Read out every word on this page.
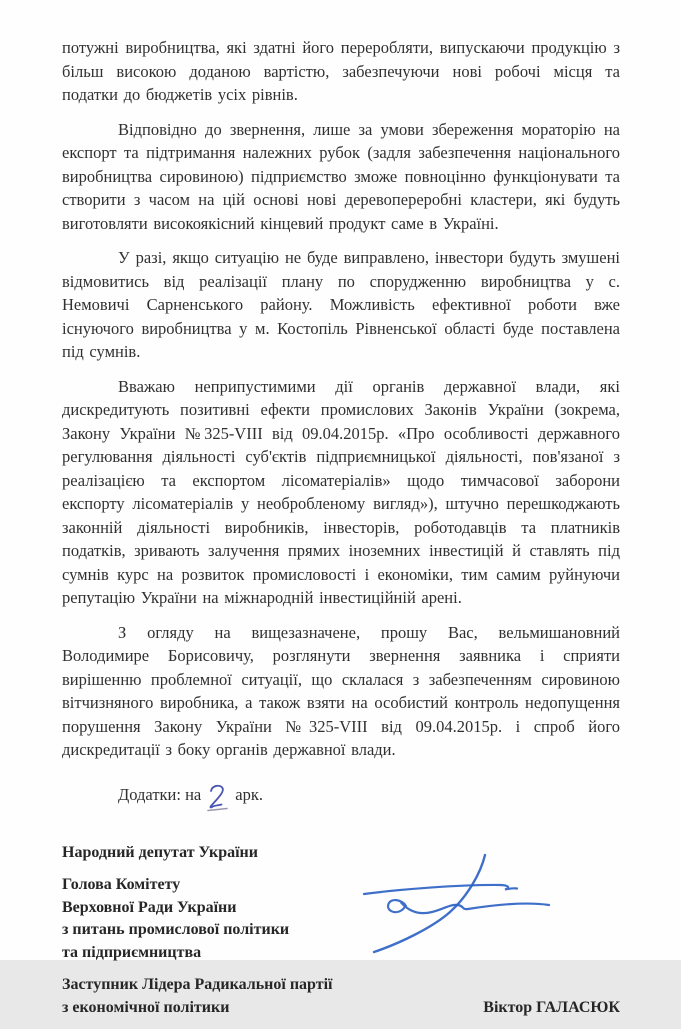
потужні виробництва, які здатні його переробляти, випускаючи продукцію з більш високою доданою вартістю, забезпечуючи нові робочі місця та податки до бюджетів усіх рівнів.

Відповідно до звернення, лише за умови збереження мораторію на експорт та підтримання належних рубок (задля забезпечення національного виробництва сировиною) підприємство зможе повноцінно функціонувати та створити з часом на цій основі нові деревопереробні кластери, які будуть виготовляти високоякісний кінцевий продукт саме в Україні.

У разі, якщо ситуацію не буде виправлено, інвестори будуть змушені відмовитись від реалізації плану по спорудженню виробництва у с. Немовичі Сарненського району. Можливість ефективної роботи вже існуючого виробництва у м. Костопіль Рівненської області буде поставлена під сумнів.

Вважаю неприпустимими дії органів державної влади, які дискредитують позитивні ефекти промислових Законів України (зокрема, Закону України №325-VIII від 09.04.2015р. «Про особливості державного регулювання діяльності суб'єктів підприємницької діяльності, пов'язаної з реалізацією та експортом лісоматеріалів» щодо тимчасової заборони експорту лісоматеріалів у необробленому вигляд»), штучно перешкоджають законній діяльності виробників, інвесторів, роботодавців та платників податків, зривають залучення прямих іноземних інвестицій й ставлять під сумнів курс на розвиток промисловості і економіки, тим самим руйнуючи репутацію України на міжнародній інвестиційній арені.

З огляду на вищезазначене, прошу Вас, вельмишановний Володимире Борисовичу, розглянути звернення заявника і сприяти вирішенню проблемної ситуації, що склалася з забезпеченням сировиною вітчизняного виробника, а також взяти на особистий контроль недопущення порушення Закону України №325-VIII від 09.04.2015р. і спроб його дискредитації з боку органів державної влади.

Додатки: на арк.
Народний депутат України
Голова Комітету
Верховної Ради України
з питань промислової політики
та підприємництва
Заступник Лідера Радикальної партії
з економічної політики	Віктор ГАЛАСЮК
